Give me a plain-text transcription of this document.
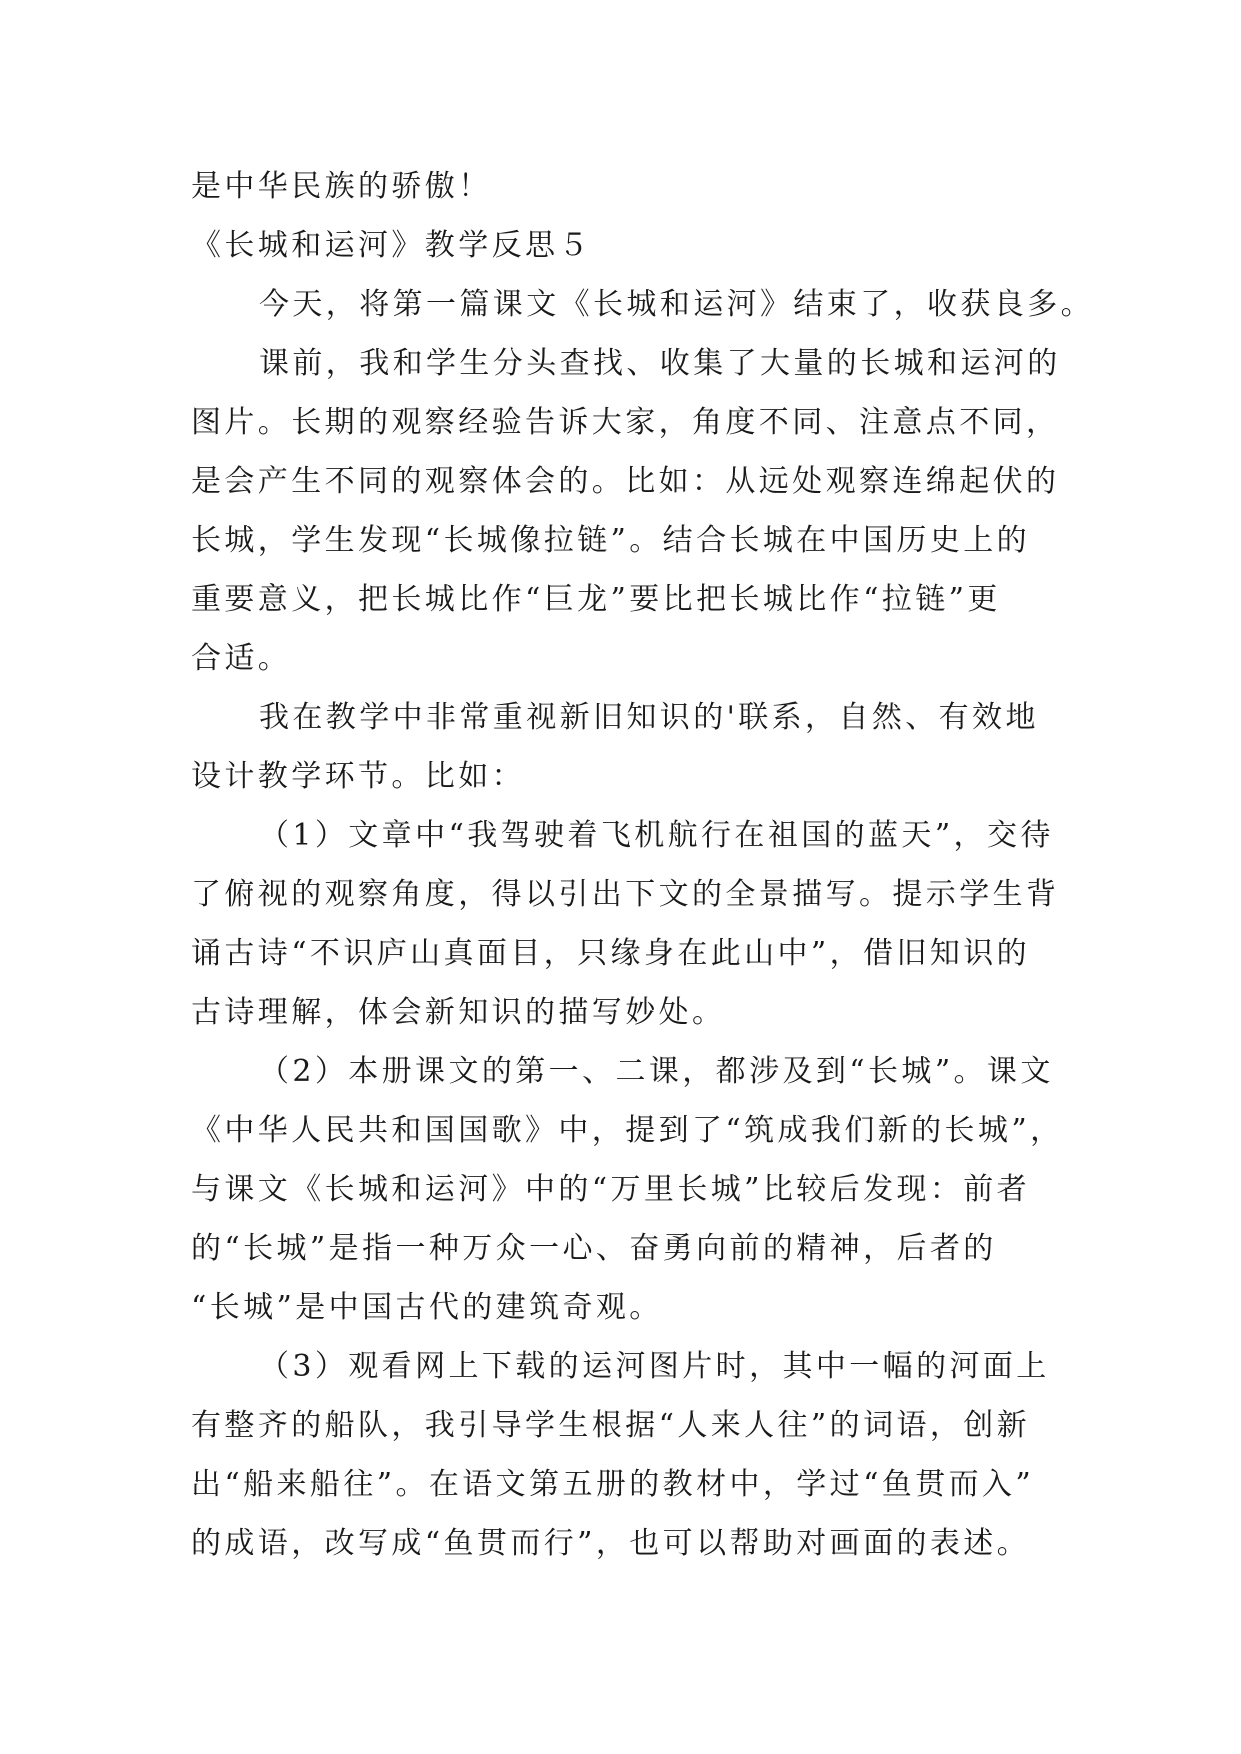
是中华民族的骄傲！
《长城和运河》教学反思５
今天，将第一篇课文《长城和运河》结束了，收获良多。
课前，我和学生分头查找、收集了大量的长城和运河的
图片。长期的观察经验告诉大家，角度不同、注意点不同，
是会产生不同的观察体会的。比如：从远处观察连绵起伏的
长城，学生发现“长城像拉链”。结合长城在中国历史上的
重要意义，把长城比作“巨龙”要比把长城比作“拉链”更
合适。
我在教学中非常重视新旧知识的'联系，自然、有效地
设计教学环节。比如：
（1）文章中“我驾驶着飞机航行在祖国的蓝天”，交待
了俯视的观察角度，得以引出下文的全景描写。提示学生背
诵古诗“不识庐山真面目，只缘身在此山中”，借旧知识的
古诗理解，体会新知识的描写妙处。
（2）本册课文的第一、二课，都涉及到“长城”。课文
《中华人民共和国国歌》中，提到了“筑成我们新的长城”，
与课文《长城和运河》中的“万里长城”比较后发现：前者
的“长城”是指一种万众一心、奋勇向前的精神，后者的
“长城”是中国古代的建筑奇观。
（3）观看网上下载的运河图片时，其中一幅的河面上
有整齐的船队，我引导学生根据“人来人往”的词语，创新
出“船来船往”。在语文第五册的教材中，学过“鱼贯而入”
的成语，改写成“鱼贯而行”，也可以帮助对画面的表述。
